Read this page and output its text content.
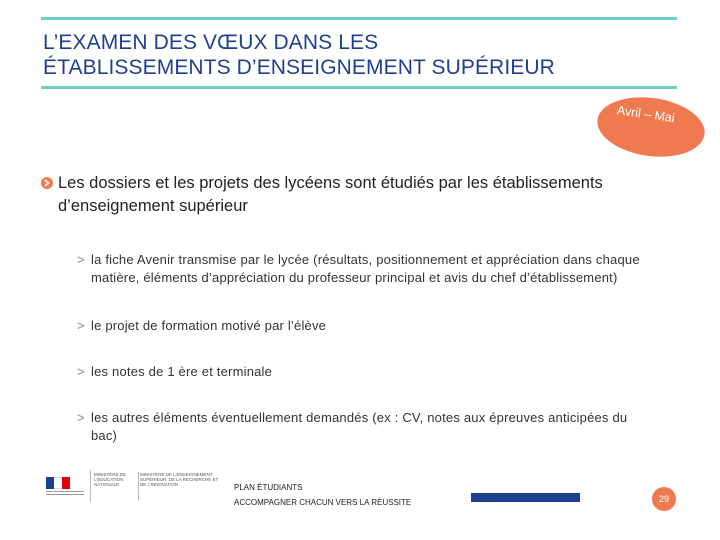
L’EXAMEN DES VŒUX DANS LES
ÉTABLISSEMENTS D’ENSEIGNEMENT SUPÉRIEUR
Avril – Mai
Les dossiers et les projets des lycéens sont étudiés par les établissements
d’enseignement supérieur
> la fiche Avenir transmise par le lycée (résultats, positionnement et appréciation dans chaque
matière, éléments d’appréciation du professeur principal et avis du chef d’établissement)
> le projet de formation motivé par l’élève
> les notes de 1 ère et terminale
> les autres éléments éventuellement demandés (ex : CV, notes aux épreuves anticipées du
bac)
MINISTÈRE DE L’ÉDUCATION NATIONALE
MINISTÈRE DE L’ENSEIGNEMENT SUPÉRIEUR, DE LA RECHERCHE ET DE L’INNOVATION	PLAN ÉTUDIANTS
ACCOMPAGNER CHACUN VERS LA RÉUSSITE	29
